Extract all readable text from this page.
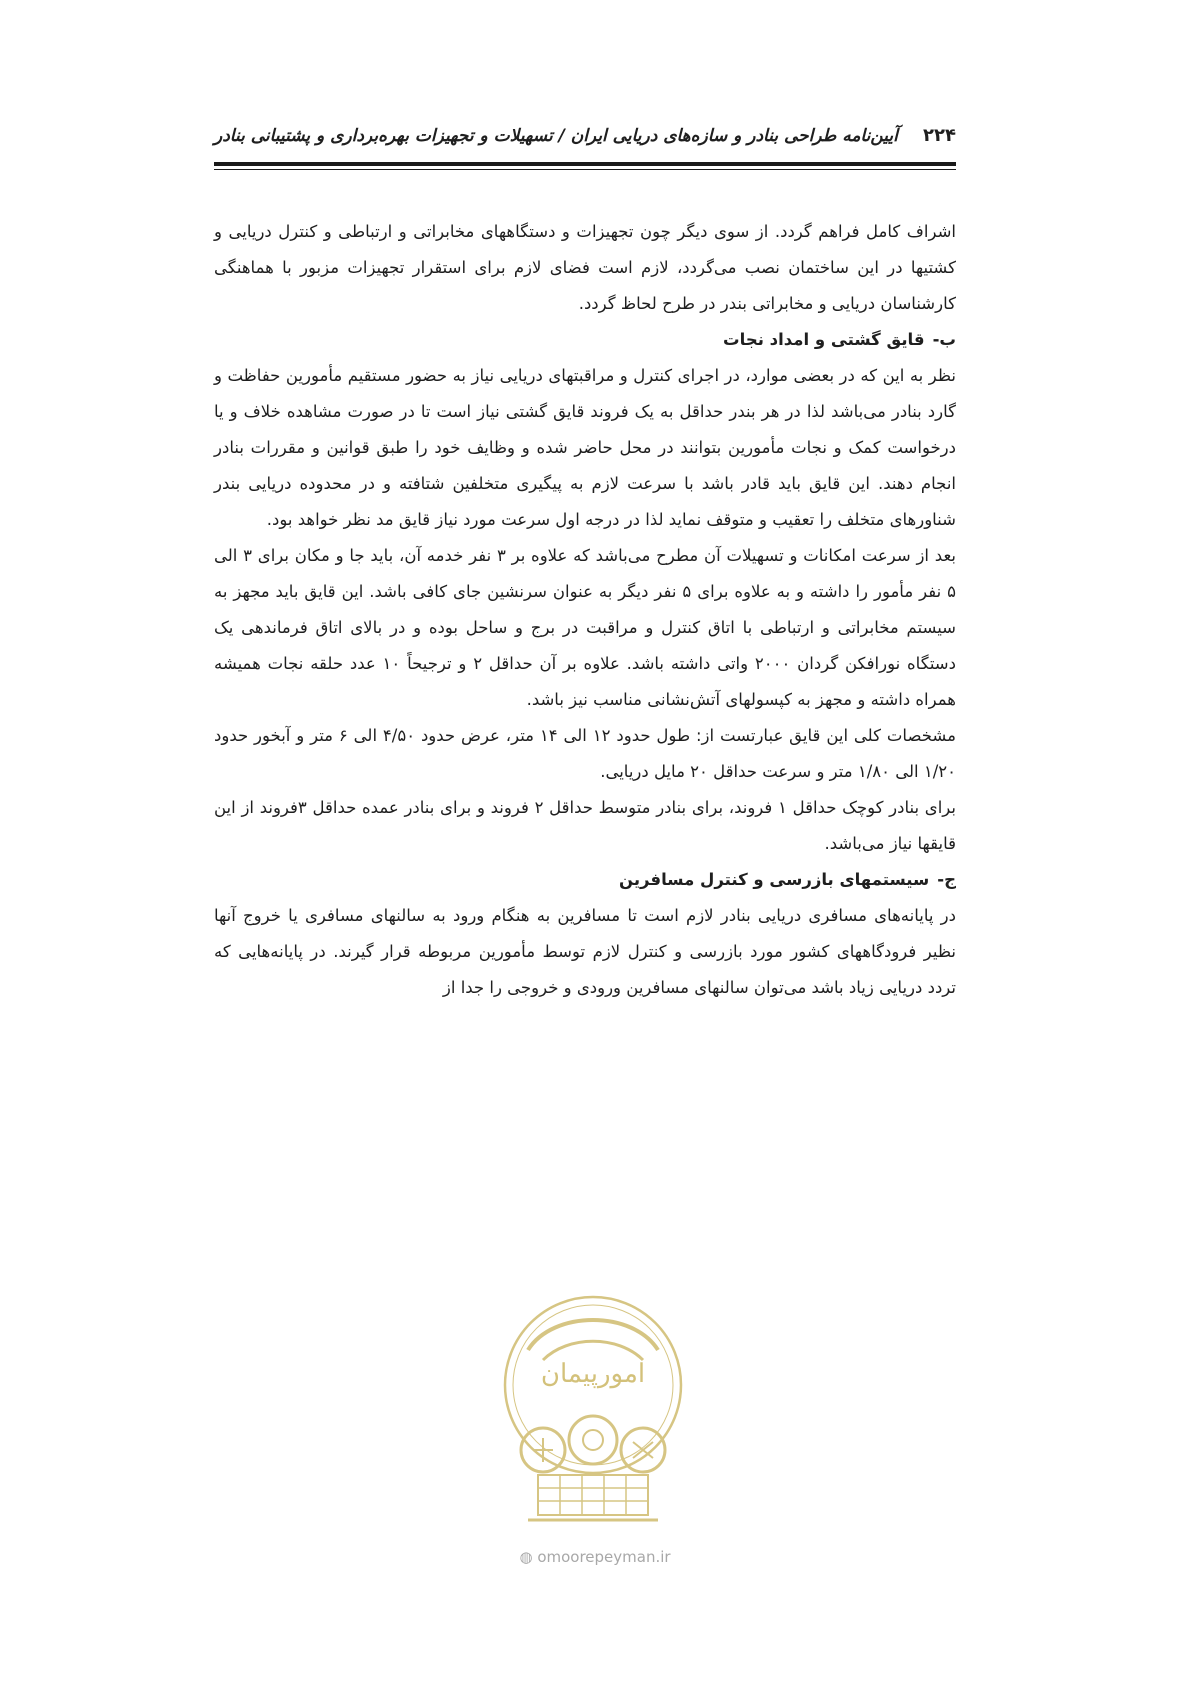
۲۲۴
آیین‌نامه طراحی بنادر و سازه‌های دریایی ایران / تسهیلات و تجهیزات بهره‌برداری و پشتیبانی بنادر

اشراف کامل فراهم گردد. از سوی دیگر چون تجهیزات و دستگاههای مخابراتی و ارتباطی و کنترل دریایی و کشتیها در این ساختمان نصب می‌گردد، لازم است فضای لازم برای استقرار تجهیزات مزبور با هماهنگی کارشناسان دریایی و مخابراتی بندر در طرح لحاظ گردد.

ب-
قایق گشتی و امداد نجات

نظر به این که در بعضی موارد، در اجرای کنترل و مراقبتهای دریایی نیاز به حضور مستقیم مأمورین حفاظت و گارد بنادر می‌باشد لذا در هر بندر حداقل به یک فروند قایق گشتی نیاز است تا در صورت مشاهده خلاف و یا درخواست کمک و نجات مأمورین بتوانند در محل حاضر شده و وظایف خود را طبق قوانین و مقررات بنادر انجام دهند. این قایق باید قادر باشد با سرعت لازم به پیگیری متخلفین شتافته و در محدوده دریایی بندر شناورهای متخلف را تعقیب و متوقف نماید لذا در درجه اول سرعت مورد نیاز قایق مد نظر خواهد بود.

بعد از سرعت امکانات و تسهیلات آن مطرح می‌باشد که علاوه بر ۳ نفر خدمه آن، باید جا و مکان برای ۳ الی ۵ نفر مأمور را داشته و به علاوه برای ۵ نفر دیگر به عنوان سرنشین جای کافی باشد. این قایق باید مجهز به سیستم مخابراتی و ارتباطی با اتاق کنترل و مراقبت در برج و ساحل بوده و در بالای اتاق فرماندهی یک دستگاه نورافکن گردان ۲۰۰۰ واتی داشته باشد. علاوه بر آن حداقل ۲ و ترجیحاً ۱۰ عدد حلقه نجات همیشه همراه داشته و مجهز به کپسولهای آتش‌نشانی مناسب نیز باشد.

مشخصات کلی این قایق عبارتست از: طول حدود ۱۲ الی ۱۴ متر، عرض حدود ۴/۵۰ الی ۶ متر و آبخور حدود ۱/۲۰ الی ۱/۸۰ متر و سرعت حداقل ۲۰ مایل دریایی.

برای بنادر کوچک حداقل ۱ فروند، برای بنادر متوسط حداقل ۲ فروند و برای بنادر عمده حداقل ۳فروند از این قایقها نیاز می‌باشد.

ج-
سیستمهای بازرسی و کنترل مسافرین

در پایانه‌های مسافری دریایی بنادر لازم است تا مسافرین به هنگام ورود به سالنهای مسافری یا خروج آنها نظیر فرودگاههای کشور مورد بازرسی و کنترل لازم توسط مأمورین مربوطه قرار گیرند. در پایانه‌هایی که تردد دریایی زیاد باشد می‌توان سالنهای مسافرین ورودی و خروجی را جدا از

امورپیمان
◍ omoorepeyman.ir
